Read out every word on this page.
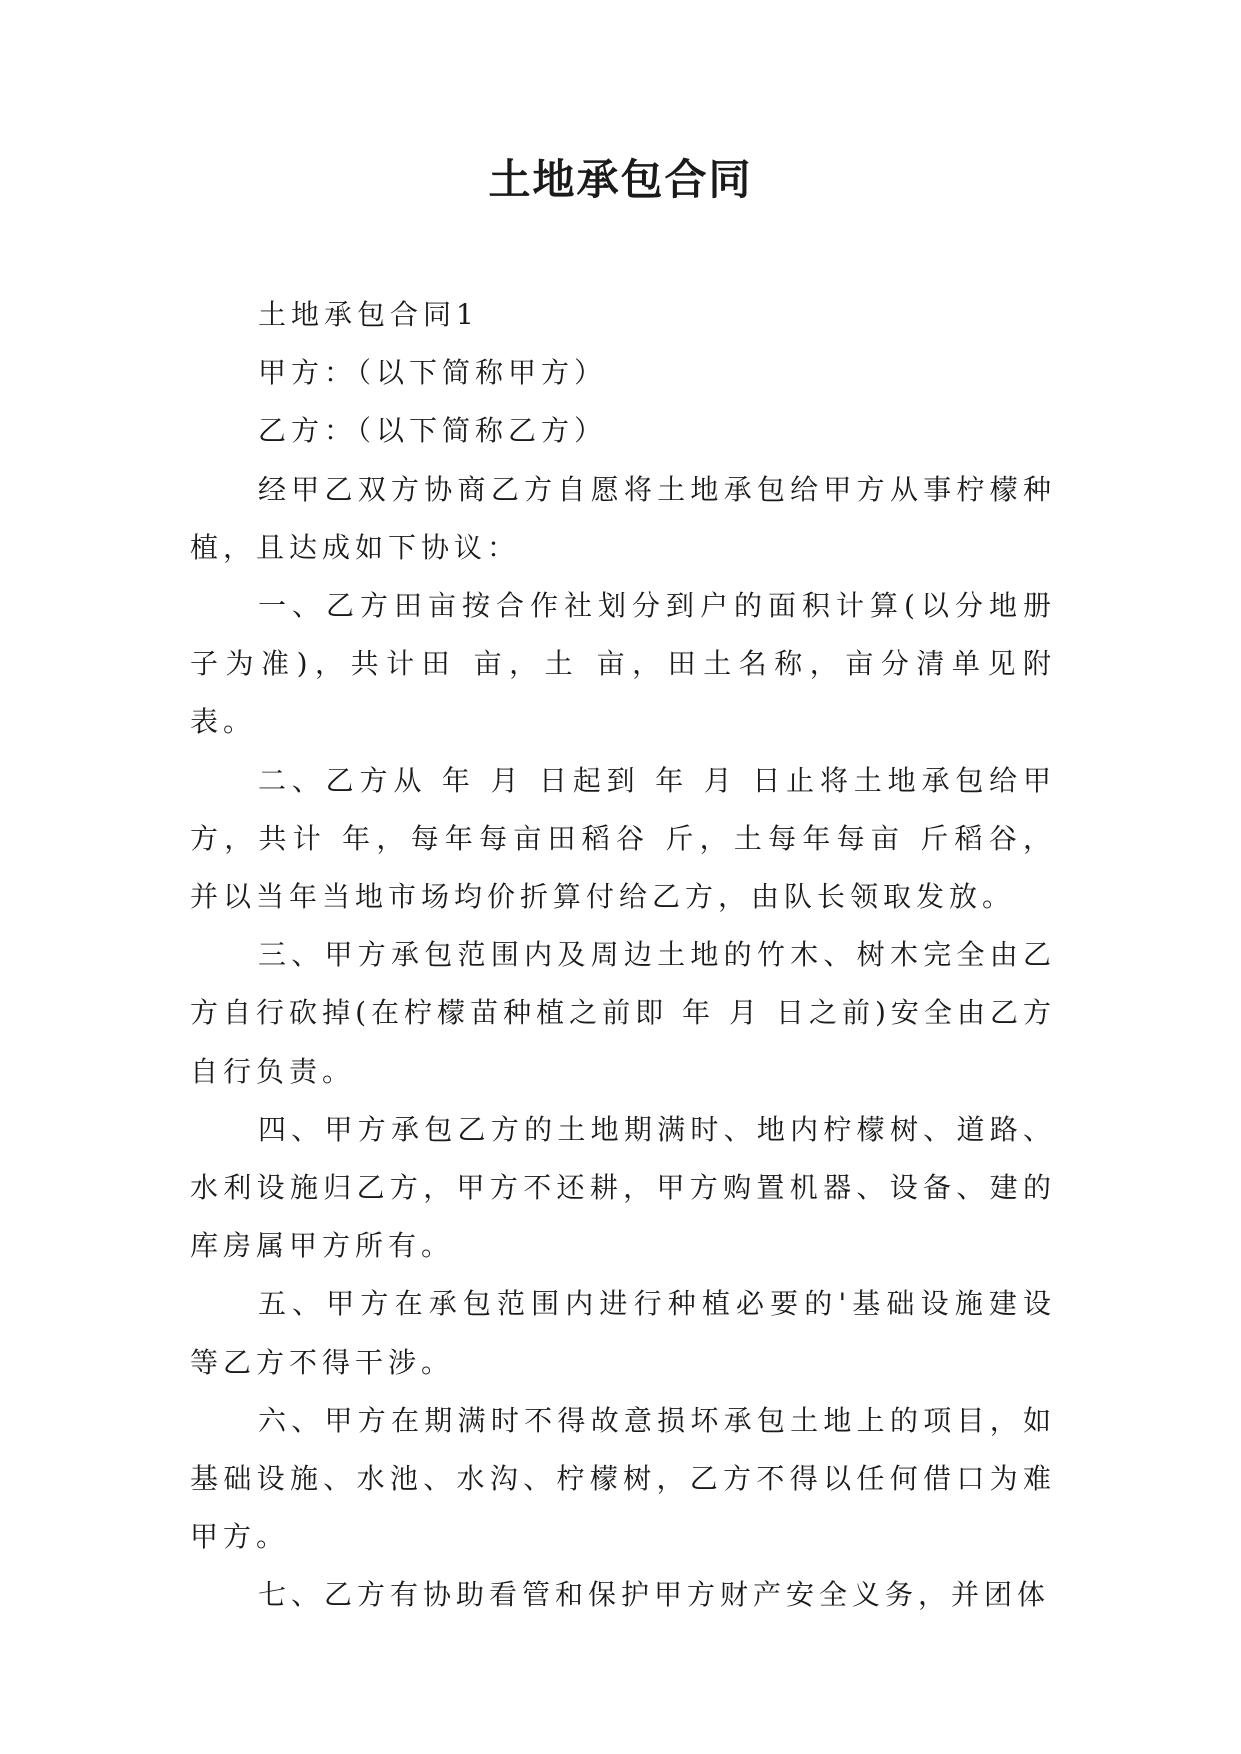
土地承包合同

土地承包合同1

甲方：（以下简称甲方）

乙方：（以下简称乙方）

经甲乙双方协商乙方自愿将土地承包给甲方从事柠檬种植，且达成如下协议：

一、乙方田亩按合作社划分到户的面积计算(以分地册子为准)，共计田 亩，土 亩，田土名称，亩分清单见附表。

二、乙方从 年 月 日起到 年 月 日止将土地承包给甲方，共计 年，每年每亩田稻谷 斤，土每年每亩 斤稻谷，并以当年当地市场均价折算付给乙方，由队长领取发放。

三、甲方承包范围内及周边土地的竹木、树木完全由乙方自行砍掉(在柠檬苗种植之前即 年 月 日之前)安全由乙方自行负责。

四、甲方承包乙方的土地期满时、地内柠檬树、道路、水利设施归乙方，甲方不还耕，甲方购置机器、设备、建的库房属甲方所有。

五、甲方在承包范围内进行种植必要的'基础设施建设等乙方不得干涉。

六、甲方在期满时不得故意损坏承包土地上的项目，如基础设施、水池、水沟、柠檬树，乙方不得以任何借口为难甲方。

七、乙方有协助看管和保护甲方财产安全义务，并团体
